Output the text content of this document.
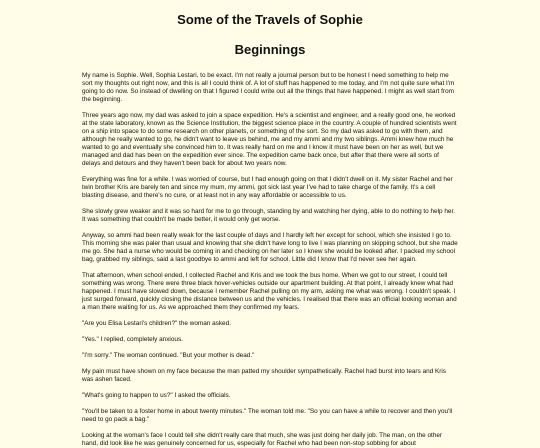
Some of the Travels of Sophie
Beginnings

My name is Sophie. Well, Sophia Lestari, to be exact. I'm not really a journal person but to be honest I need something to help me sort my thoughts out right now, and this is all I could think of. A lot of stuff has happened to me today, and I'm not quite sure what I'm going to do now. So instead of dwelling on that I figured I could write out all the things that have happened. I might as well start from the beginning.

Three years ago now, my dad was asked to join a space expedition. He's a scientist and engineer, and a really good one, he worked at the state laboratory, known as the Science Institution, the biggest science place in the country. A couple of hundred scientists went on a ship into space to do some research on other planets, or something of the sort. So my dad was asked to go with them, and although he really wanted to go, he didn't want to leave us behind, me and my ammi and my two siblings. Ammi knew how much he wanted to go and eventually she convinced him to. It was really hard on me and I know it must have been on her as well, but we managed and dad has been on the expedition ever since. The expedition came back once, but after that there were all sorts of delays and detours and they haven't been back for about two years now.

Everything was fine for a while. I was worried of course, but I had enough going on that I didn't dwell on it. My sister Rachel and her twin brother Kris are barely ten and since my mum, my ammi, got sick last year I've had to take charge of the family. It's a cell blasting disease, and there's no cure, or at least not in any way affordable or accessible to us.

She slowly grew weaker and it was so hard for me to go through, standing by and watching her dying, able to do nothing to help her. It was something that couldn't be made better, it would only get worse.

Anyway, so ammi had been really weak for the last couple of days and I hardly left her except for school, which she insisted I go to. This morning she was paler than usual and knowing that she didn't have long to live I was planning on skipping school, but she made me go. She had a nurse who would be coming in and checking on her later so I knew she would be looked after. I packed my school bag, grabbed my siblings, said a last goodbye to ammi and left for school. Little did I know that I'd never see her again.

That afternoon, when school ended, I collected Rachel and Kris and we took the bus home. When we got to our street, I could tell something was wrong. There were three black hover-vehicles outside our apartment building. At that point, I already knew what had happened. I must have slowed down, because I remember Rachel pulling on my arm, asking me what was wrong. I couldn't speak. I just surged forward, quickly closing the distance between us and the vehicles. I realised that there was an official looking woman and a man there waiting for us. As we approached them they confirmed my fears.

"Are you Elisa Lestari's children?" the woman asked.

"Yes." I replied, completely anxious.

"I'm sorry." The woman continued. "But your mother is dead."

My pain must have shown on my face because the man patted my shoulder sympathetically. Rachel had burst into tears and Kris was ashen faced.

"What's going to happen to us?" I asked the officials.

"You'll be taken to a foster home in about twenty minutes." The woman told me. "So you can have a while to recover and then you'll need to go pack a bag."

Looking at the woman's face I could tell she didn't really care that much, she was just doing her daily job. The man, on the other hand, did look like he was genuinely concerned for us, especially for Rachel who had been non-stop sobbing for about
